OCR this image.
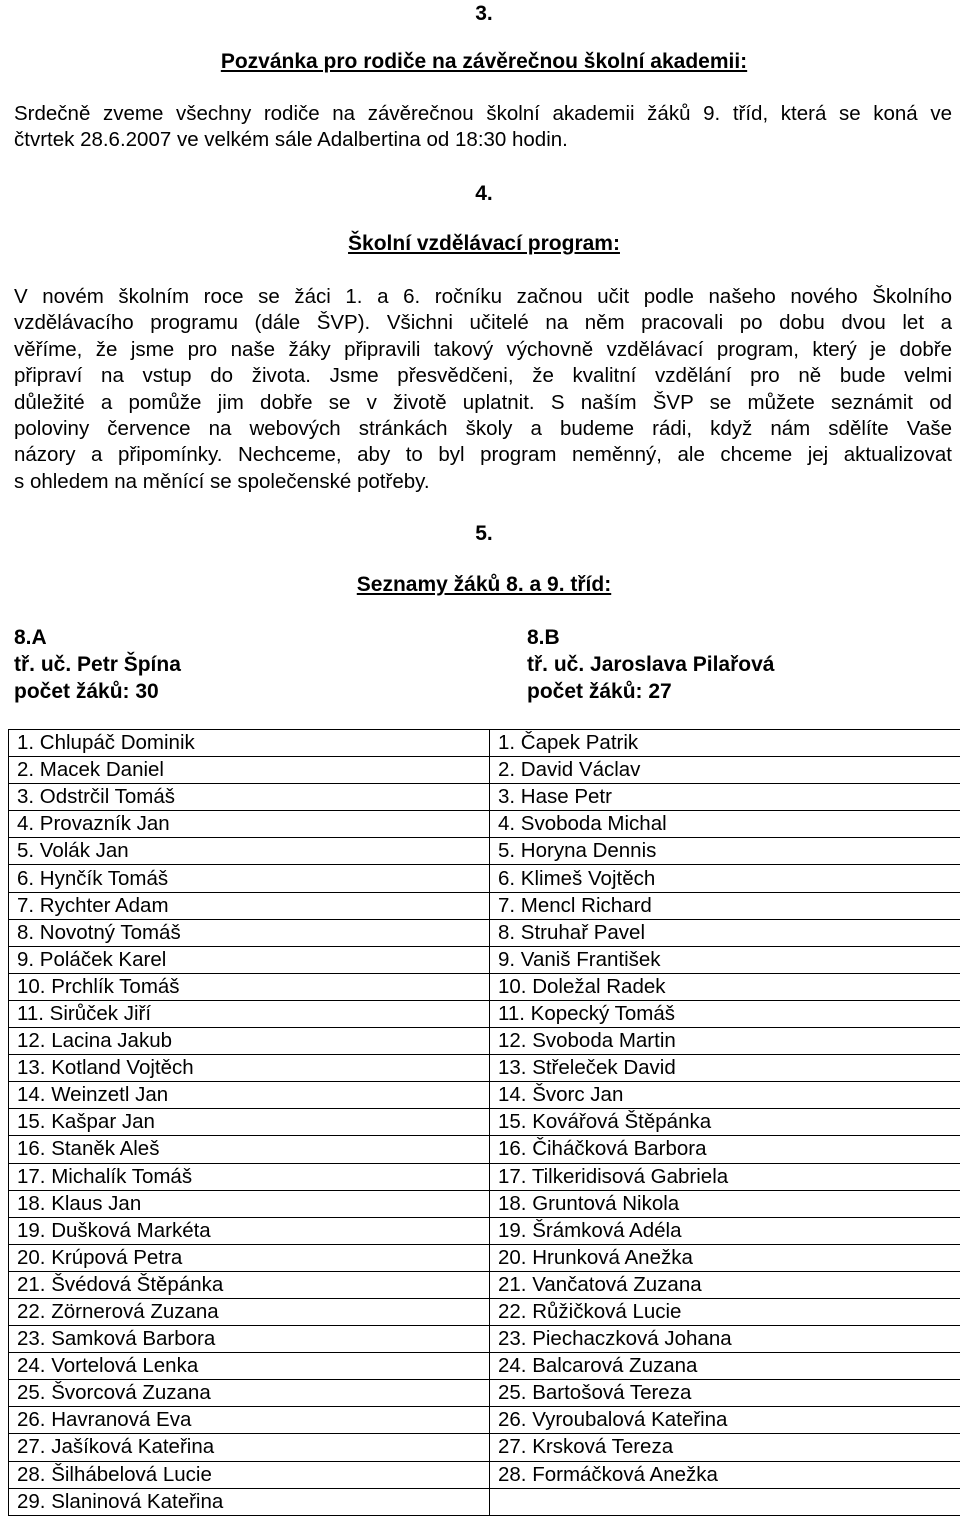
3.
Pozvánka pro rodiče na závěrečnou školní akademii:
Srdečně zveme všechny rodiče na závěrečnou školní akademii žáků 9. tříd, která se koná ve
čtvrtek 28.6.2007 ve velkém sále Adalbertina od 18:30 hodin.
4.
Školní vzdělávací program:
V novém školním roce se žáci 1. a 6. ročníku začnou učit podle našeho nového Školního
vzdělávacího programu (dále ŠVP). Všichni učitelé na něm pracovali po dobu dvou let a
věříme, že jsme pro naše žáky připravili takový výchovně vzdělávací program, který je dobře
připraví na vstup do života. Jsme přesvědčeni, že kvalitní vzdělání pro ně bude velmi
důležité a pomůže jim dobře se v životě uplatnit. S naším ŠVP se můžete seznámit od
poloviny července na webových stránkách školy a budeme rádi, když nám sdělíte Vaše
názory a připomínky. Nechceme, aby to byl program neměnný, ale chceme jej aktualizovat
s ohledem na měnící se společenské potřeby.
5.
Seznamy žáků 8. a 9. tříd:
8.A
tř. uč. Petr Špína
počet žáků: 30
8.B
tř. uč. Jaroslava Pilařová
počet žáků: 27
1. Chlupáč Dominik	1. Čapek Patrik
2. Macek Daniel	2. David Václav
3. Odstrčil Tomáš	3. Hase Petr
4. Provazník Jan	4. Svoboda Michal
5. Volák Jan	5. Horyna Dennis
6. Hynčík Tomáš	6. Klimeš Vojtěch
7. Rychter Adam	7. Mencl Richard
8. Novotný Tomáš	8. Struhař Pavel
9. Poláček Karel	9. Vaniš František
10. Prchlík Tomáš	10. Doležal Radek
11. Sirůček Jiří	11. Kopecký Tomáš
12. Lacina Jakub	12. Svoboda Martin
13. Kotland Vojtěch	13. Střeleček David
14. Weinzetl Jan	14. Švorc Jan
15. Kašpar Jan	15. Kovářová Štěpánka
16. Staněk Aleš	16. Čiháčková Barbora
17. Michalík Tomáš	17. Tilkeridisová Gabriela
18. Klaus Jan	18. Gruntová Nikola
19. Dušková Markéta	19. Šrámková Adéla
20. Krúpová Petra	20. Hrunková Anežka
21. Švédová Štěpánka	21. Vančatová Zuzana
22. Zörnerová Zuzana	22. Růžičková Lucie
23. Samková Barbora	23. Piechaczková Johana
24. Vortelová Lenka	24. Balcarová Zuzana
25. Švorcová Zuzana	25. Bartošová Tereza
26. Havranová Eva	26. Vyroubalová Kateřina
27. Jašíková Kateřina	27. Krsková Tereza
28. Šilhábelová Lucie	28. Formáčková Anežka
29. Slaninová Kateřina	
